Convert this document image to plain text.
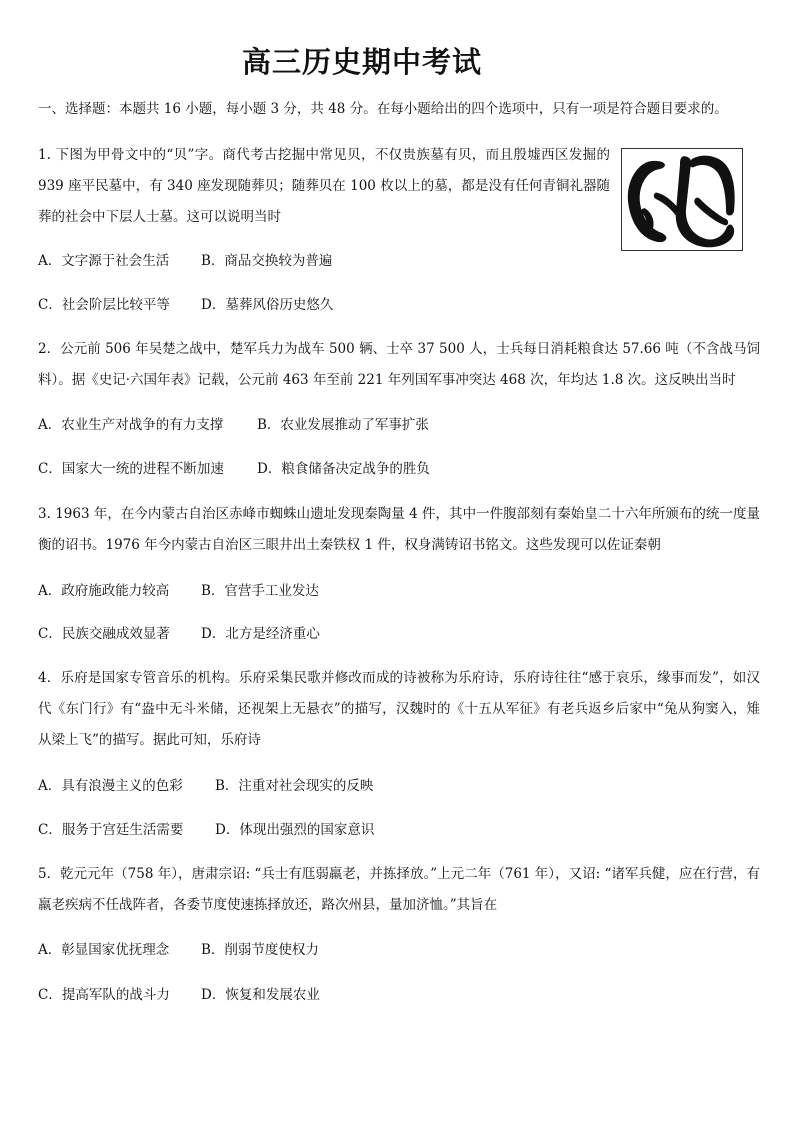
高三历史期中考试
一、选择题：本题共 16 小题，每小题 3 分，共 48 分。在每小题给出的四个选项中，只有一项是符合题目要求的。
1. 下图为甲骨文中的“贝”字。商代考古挖掘中常见贝，不仅贵族墓有贝，而且殷墟西区发掘的 939 座平民墓中，有 340 座发现随葬贝；随葬贝在 100 枚以上的墓，都是没有任何青铜礼器随葬的社会中下层人士墓。这可以说明当时
A．文字源于社会生活 B．商品交换较为普遍
C．社会阶层比较平等 D．墓葬风俗历史悠久
2．公元前 506 年吴楚之战中，楚军兵力为战车 500 辆、士卒 37 500 人，士兵每日消耗粮食达 57.66 吨（不含战马饲料）。据《史记·六国年表》记载，公元前 463 年至前 221 年列国军事冲突达 468 次，年均达 1.8 次。这反映出当时
A．农业生产对战争的有力支撑	B．农业发展推动了军事扩张
C．国家大一统的进程不断加速 D．粮食储备决定战争的胜负
3. 1963 年，在今内蒙古自治区赤峰市蜘蛛山遗址发现秦陶量 4 件，其中一件腹部刻有秦始皇二十六年所颁布的统一度量衡的诏书。1976 年今内蒙古自治区三眼井出土秦铁权 1 件，权身满铸诏书铭文。这些发现可以佐证秦朝
A．政府施政能力较高 B．官营手工业发达
C．民族交融成效显著 D．北方是经济重心
4．乐府是国家专管音乐的机构。乐府采集民歌并修改而成的诗被称为乐府诗，乐府诗往往“感于哀乐，缘事而发”，如汉代《东门行》有“盎中无斗米储，还视架上无悬衣”的描写，汉魏时的《十五从军征》有老兵返乡后家中“兔从狗窦入，雉从梁上飞”的描写。据此可知，乐府诗
A．具有浪漫主义的色彩 B．注重对社会现实的反映
C．服务于宫廷生活需要 D．体现出强烈的国家意识
5．乾元元年（758 年），唐肃宗诏: “兵士有尫弱羸老，并拣择放。”上元二年（761 年），又诏: “诸军兵健，应在行营，有羸老疾病不任战阵者，各委节度使速拣择放还，路次州县，量加济恤。”其旨在
A．彰显国家优抚理念 B．削弱节度使权力
C．提高军队的战斗力 D．恢复和发展农业
